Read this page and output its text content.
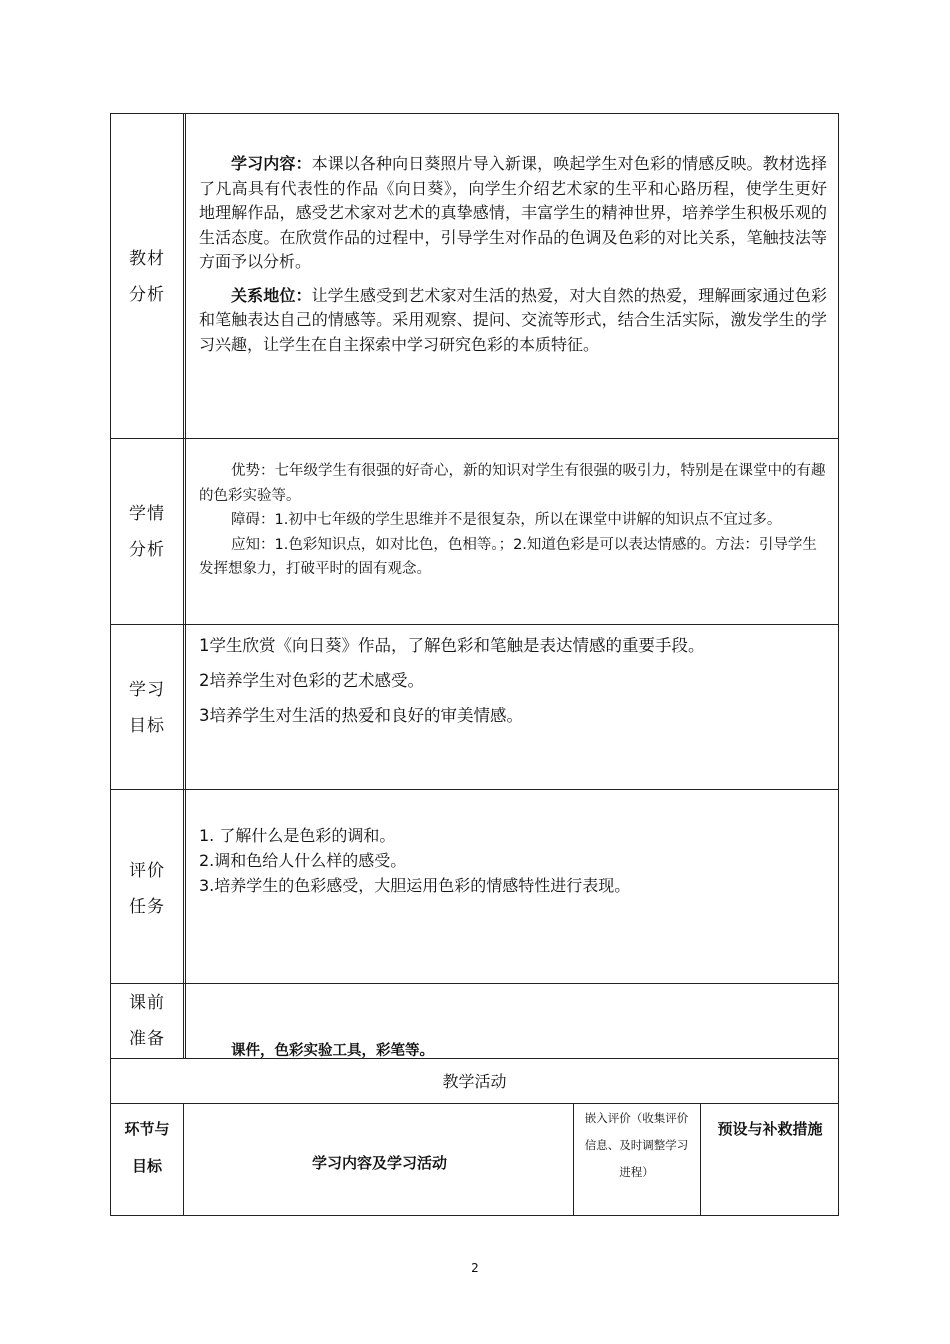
教材
分析

学习内容：本课以各种向日葵照片导入新课，唤起学生对色彩的情感反映。教材选择了凡高具有代表性的作品《向日葵》，向学生介绍艺术家的生平和心路历程，使学生更好地理解作品，感受艺术家对艺术的真挚感情，丰富学生的精神世界，培养学生积极乐观的生活态度。在欣赏作品的过程中，引导学生对作品的色调及色彩的对比关系，笔触技法等方面予以分析。

关系地位：让学生感受到艺术家对生活的热爱，对大自然的热爱，理解画家通过色彩和笔触表达自己的情感等。采用观察、提问、交流等形式，结合生活实际，激发学生的学习兴趣，让学生在自主探索中学习研究色彩的本质特征。

学情
分析

优势：七年级学生有很强的好奇心，新的知识对学生有很强的吸引力，特别是在课堂中的有趣的色彩实验等。

障碍：1.初中七年级的学生思维并不是很复杂，所以在课堂中讲解的知识点不宜过多。

应知：1.色彩知识点，如对比色，色相等。；2.知道色彩是可以表达情感的。方法：引导学生发挥想象力，打破平时的固有观念。

学习
目标

1学生欣赏《向日葵》作品，了解色彩和笔触是表达情感的重要手段。

2培养学生对色彩的艺术感受。

3培养学生对生活的热爱和良好的审美情感。

评价
任务

1. 了解什么是色彩的调和。

2.调和色给人什么样的感受。

3.培养学生的色彩感受，大胆运用色彩的情感特性进行表现。

课前
准备
课件，色彩实验工具，彩笔等。
教学活动
环节与
目标	学习内容及学习活动
嵌入评价（收集评价
信息、及时调整学习
进程）
预设与补救措施
2
